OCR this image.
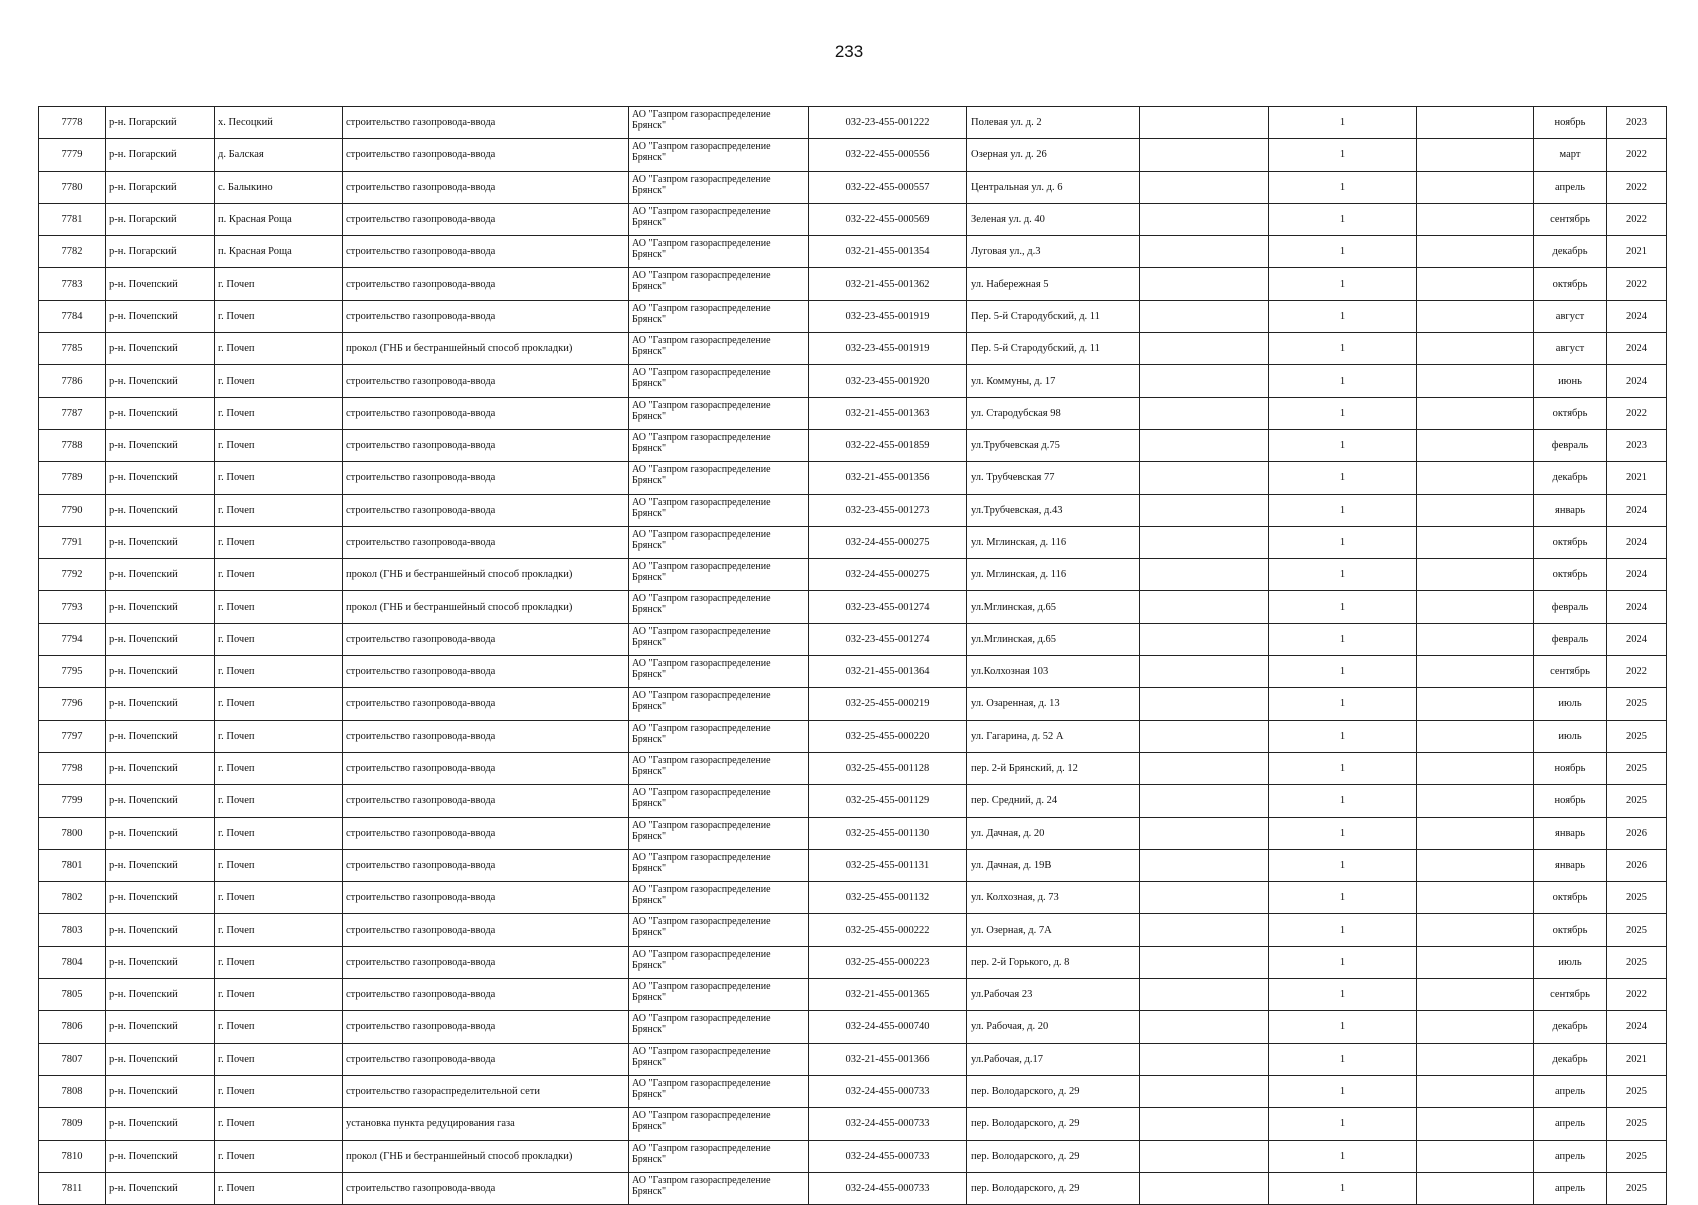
233
7778	р-н. Погарский	х. Песоцкий	строительство газопровода-ввода	АО "Газпром газораспределение Брянск"	032-23-455-001222	Полевая ул. д. 2		1		ноябрь	2023
7779	р-н. Погарский	д. Балская	строительство газопровода-ввода	АО "Газпром газораспределение Брянск"	032-22-455-000556	Озерная ул. д. 26		1		март	2022
7780	р-н. Погарский	с. Балыкино	строительство газопровода-ввода	АО "Газпром газораспределение Брянск"	032-22-455-000557	Центральная ул. д. 6		1		апрель	2022
7781	р-н. Погарский	п. Красная Роща	строительство газопровода-ввода	АО "Газпром газораспределение Брянск"	032-22-455-000569	Зеленая ул. д. 40		1		сентябрь	2022
7782	р-н. Погарский	п. Красная Роща	строительство газопровода-ввода	АО "Газпром газораспределение Брянск"	032-21-455-001354	Луговая ул., д.3		1		декабрь	2021
7783	р-н. Почепский	г. Почеп	строительство газопровода-ввода	АО "Газпром газораспределение Брянск"	032-21-455-001362	ул. Набережная 5		1		октябрь	2022
7784	р-н. Почепский	г. Почеп	строительство газопровода-ввода	АО "Газпром газораспределение Брянск"	032-23-455-001919	Пер. 5-й Стародубский, д. 11		1		август	2024
7785	р-н. Почепский	г. Почеп	прокол (ГНБ и бестраншейный способ прокладки)	АО "Газпром газораспределение Брянск"	032-23-455-001919	Пер. 5-й Стародубский, д. 11		1		август	2024
7786	р-н. Почепский	г. Почеп	строительство газопровода-ввода	АО "Газпром газораспределение Брянск"	032-23-455-001920	ул. Коммуны, д. 17		1		июнь	2024
7787	р-н. Почепский	г. Почеп	строительство газопровода-ввода	АО "Газпром газораспределение Брянск"	032-21-455-001363	ул. Стародубская 98		1		октябрь	2022
7788	р-н. Почепский	г. Почеп	строительство газопровода-ввода	АО "Газпром газораспределение Брянск"	032-22-455-001859	ул.Трубчевская д.75		1		февраль	2023
7789	р-н. Почепский	г. Почеп	строительство газопровода-ввода	АО "Газпром газораспределение Брянск"	032-21-455-001356	ул. Трубчевская 77		1		декабрь	2021
7790	р-н. Почепский	г. Почеп	строительство газопровода-ввода	АО "Газпром газораспределение Брянск"	032-23-455-001273	ул.Трубчевская, д.43		1		январь	2024
7791	р-н. Почепский	г. Почеп	строительство газопровода-ввода	АО "Газпром газораспределение Брянск"	032-24-455-000275	ул. Мглинская, д. 116		1		октябрь	2024
7792	р-н. Почепский	г. Почеп	прокол (ГНБ и бестраншейный способ прокладки)	АО "Газпром газораспределение Брянск"	032-24-455-000275	ул. Мглинская, д. 116		1		октябрь	2024
7793	р-н. Почепский	г. Почеп	прокол (ГНБ и бестраншейный способ прокладки)	АО "Газпром газораспределение Брянск"	032-23-455-001274	ул.Мглинская, д.65		1		февраль	2024
7794	р-н. Почепский	г. Почеп	строительство газопровода-ввода	АО "Газпром газораспределение Брянск"	032-23-455-001274	ул.Мглинская, д.65		1		февраль	2024
7795	р-н. Почепский	г. Почеп	строительство газопровода-ввода	АО "Газпром газораспределение Брянск"	032-21-455-001364	ул.Колхозная 103		1		сентябрь	2022
7796	р-н. Почепский	г. Почеп	строительство газопровода-ввода	АО "Газпром газораспределение Брянск"	032-25-455-000219	ул. Озаренная, д. 13		1		июль	2025
7797	р-н. Почепский	г. Почеп	строительство газопровода-ввода	АО "Газпром газораспределение Брянск"	032-25-455-000220	ул. Гагарина, д. 52 А		1		июль	2025
7798	р-н. Почепский	г. Почеп	строительство газопровода-ввода	АО "Газпром газораспределение Брянск"	032-25-455-001128	пер. 2-й Брянский, д. 12		1		ноябрь	2025
7799	р-н. Почепский	г. Почеп	строительство газопровода-ввода	АО "Газпром газораспределение Брянск"	032-25-455-001129	пер. Средний, д. 24		1		ноябрь	2025
7800	р-н. Почепский	г. Почеп	строительство газопровода-ввода	АО "Газпром газораспределение Брянск"	032-25-455-001130	ул. Дачная, д. 20		1		январь	2026
7801	р-н. Почепский	г. Почеп	строительство газопровода-ввода	АО "Газпром газораспределение Брянск"	032-25-455-001131	ул. Дачная, д. 19В		1		январь	2026
7802	р-н. Почепский	г. Почеп	строительство газопровода-ввода	АО "Газпром газораспределение Брянск"	032-25-455-001132	ул. Колхозная, д. 73		1		октябрь	2025
7803	р-н. Почепский	г. Почеп	строительство газопровода-ввода	АО "Газпром газораспределение Брянск"	032-25-455-000222	ул. Озерная, д. 7А		1		октябрь	2025
7804	р-н. Почепский	г. Почеп	строительство газопровода-ввода	АО "Газпром газораспределение Брянск"	032-25-455-000223	пер. 2-й Горького, д. 8		1		июль	2025
7805	р-н. Почепский	г. Почеп	строительство газопровода-ввода	АО "Газпром газораспределение Брянск"	032-21-455-001365	ул.Рабочая 23		1		сентябрь	2022
7806	р-н. Почепский	г. Почеп	строительство газопровода-ввода	АО "Газпром газораспределение Брянск"	032-24-455-000740	ул. Рабочая, д. 20		1		декабрь	2024
7807	р-н. Почепский	г. Почеп	строительство газопровода-ввода	АО "Газпром газораспределение Брянск"	032-21-455-001366	ул.Рабочая, д.17		1		декабрь	2021
7808	р-н. Почепский	г. Почеп	строительство газораспределительной сети	АО "Газпром газораспределение Брянск"	032-24-455-000733	пер. Володарского, д. 29		1		апрель	2025
7809	р-н. Почепский	г. Почеп	установка пункта редуцирования газа	АО "Газпром газораспределение Брянск"	032-24-455-000733	пер. Володарского, д. 29		1		апрель	2025
7810	р-н. Почепский	г. Почеп	прокол (ГНБ и бестраншейный способ прокладки)	АО "Газпром газораспределение Брянск"	032-24-455-000733	пер. Володарского, д. 29		1		апрель	2025
7811	р-н. Почепский	г. Почеп	строительство газопровода-ввода	АО "Газпром газораспределение Брянск"	032-24-455-000733	пер. Володарского, д. 29		1		апрель	2025
